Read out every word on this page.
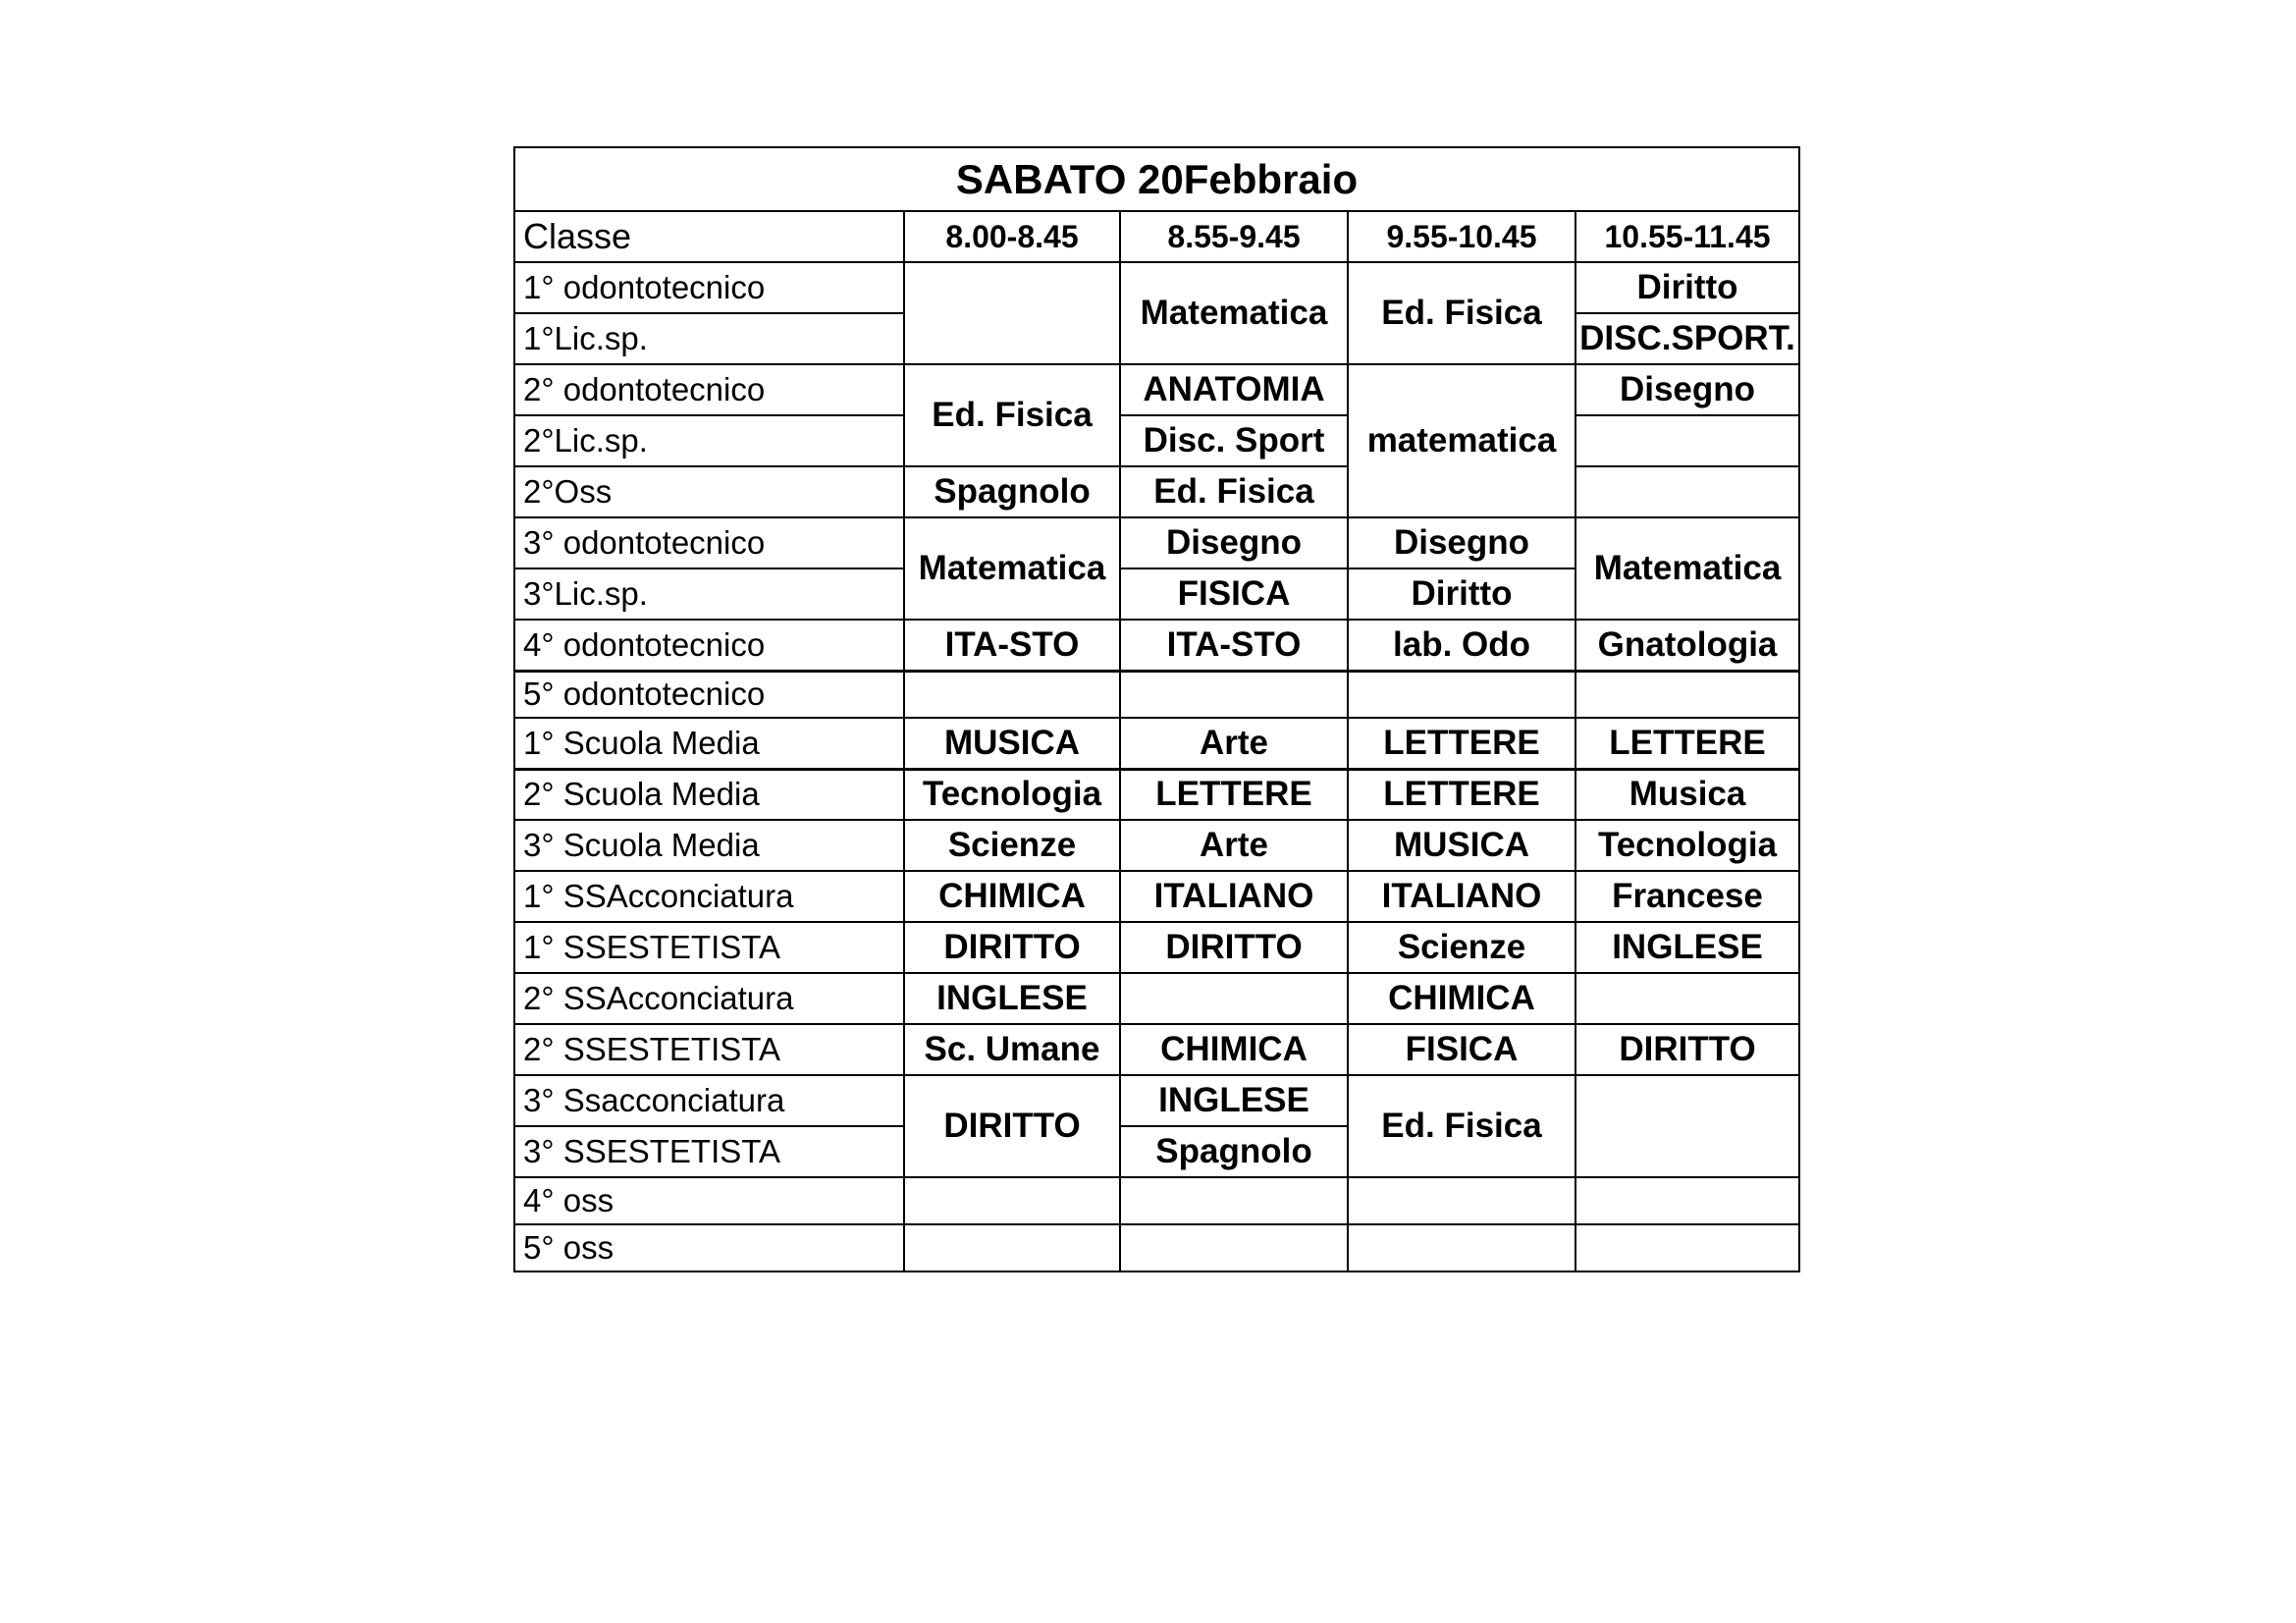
SABATO 20Febbraio				
Classe	8.00-8.45	8.55-9.45	9.55-10.45	10.55-11.45
1° odontotecnico		Matematica	Ed. Fisica	Diritto
1°Lic.sp.				DISC.SPORT.
2° odontotecnico	Ed. Fisica	ANATOMIA	matematica	Disegno
2°Lic.sp.		Disc. Sport		
2°Oss	Spagnolo	Ed. Fisica		
3° odontotecnico	Matematica	Disegno	Disegno	Matematica
3°Lic.sp.		FISICA	Diritto	
4° odontotecnico	ITA-STO	ITA-STO	lab. Odo	Gnatologia
5° odontotecnico				
1° Scuola Media	MUSICA	Arte	LETTERE	LETTERE
2° Scuola Media	Tecnologia	LETTERE	LETTERE	Musica
3° Scuola Media	Scienze	Arte	MUSICA	Tecnologia
1° SSAcconciatura	CHIMICA	ITALIANO	ITALIANO	Francese
1° SSESTETISTA	DIRITTO	DIRITTO	Scienze	INGLESE
2° SSAcconciatura	INGLESE		CHIMICA	
2° SSESTETISTA	Sc. Umane	CHIMICA	FISICA	DIRITTO
3° Ssacconciatura	DIRITTO	INGLESE	Ed. Fisica	
3° SSESTETISTA		Spagnolo		
4° oss				
5° oss				
